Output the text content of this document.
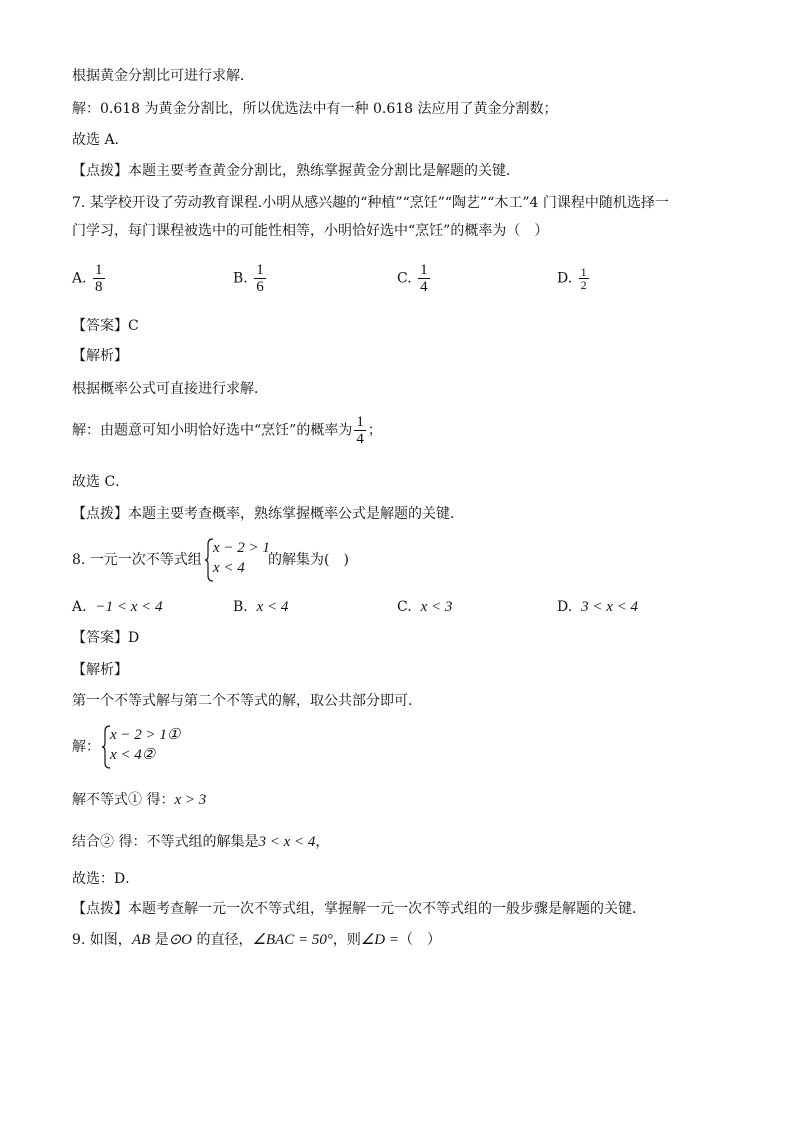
根据黄金分割比可进行求解．
解：0.618 为黄金分割比，所以优选法中有一种 0.618 法应用了黄金分割数；
故选 A．
【点拨】本题主要考查黄金分割比，熟练掌握黄金分割比是解题的关键．
7. 某学校开设了劳动教育课程.小明从感兴趣的“种植”“烹饪”“陶艺”“木工”4 门课程中随机选择一
门学习，每门课程被选中的可能性相等，小明恰好选中“烹饪”的概率为（　）
A. $\frac{1}{8}$	B. $\frac{1}{6}$	C. $\frac{1}{4}$	D. $\frac{1}{2}$
【答案】C
【解析】
根据概率公式可直接进行求解．
解：由题意可知小明恰好选中“烹饪”的概率为 $\frac{1}{4}$ ；
故选 C．
【点拨】本题主要考查概率，熟练掌握概率公式是解题的关键．
8. 一元一次不等式组
x − 2 > 1
x < 4	的解集为(　)
A. −1 < x < 4	B. x < 4	C. x < 3	D. 3 < x < 4
【答案】D
【解析】
第一个不等式解与第二个不等式的解，取公共部分即可.
解：
x − 2 > 1①
x < 4②
解不等式① 得：x > 3
结合② 得：不等式组的解集是3 < x < 4，
故选：D．
【点拨】本题考查解一元一次不等式组，掌握解一元一次不等式组的一般步骤是解题的关键．
9. 如图，AB 是⊙O 的直径，∠BAC = 50°，则∠D =（　）
